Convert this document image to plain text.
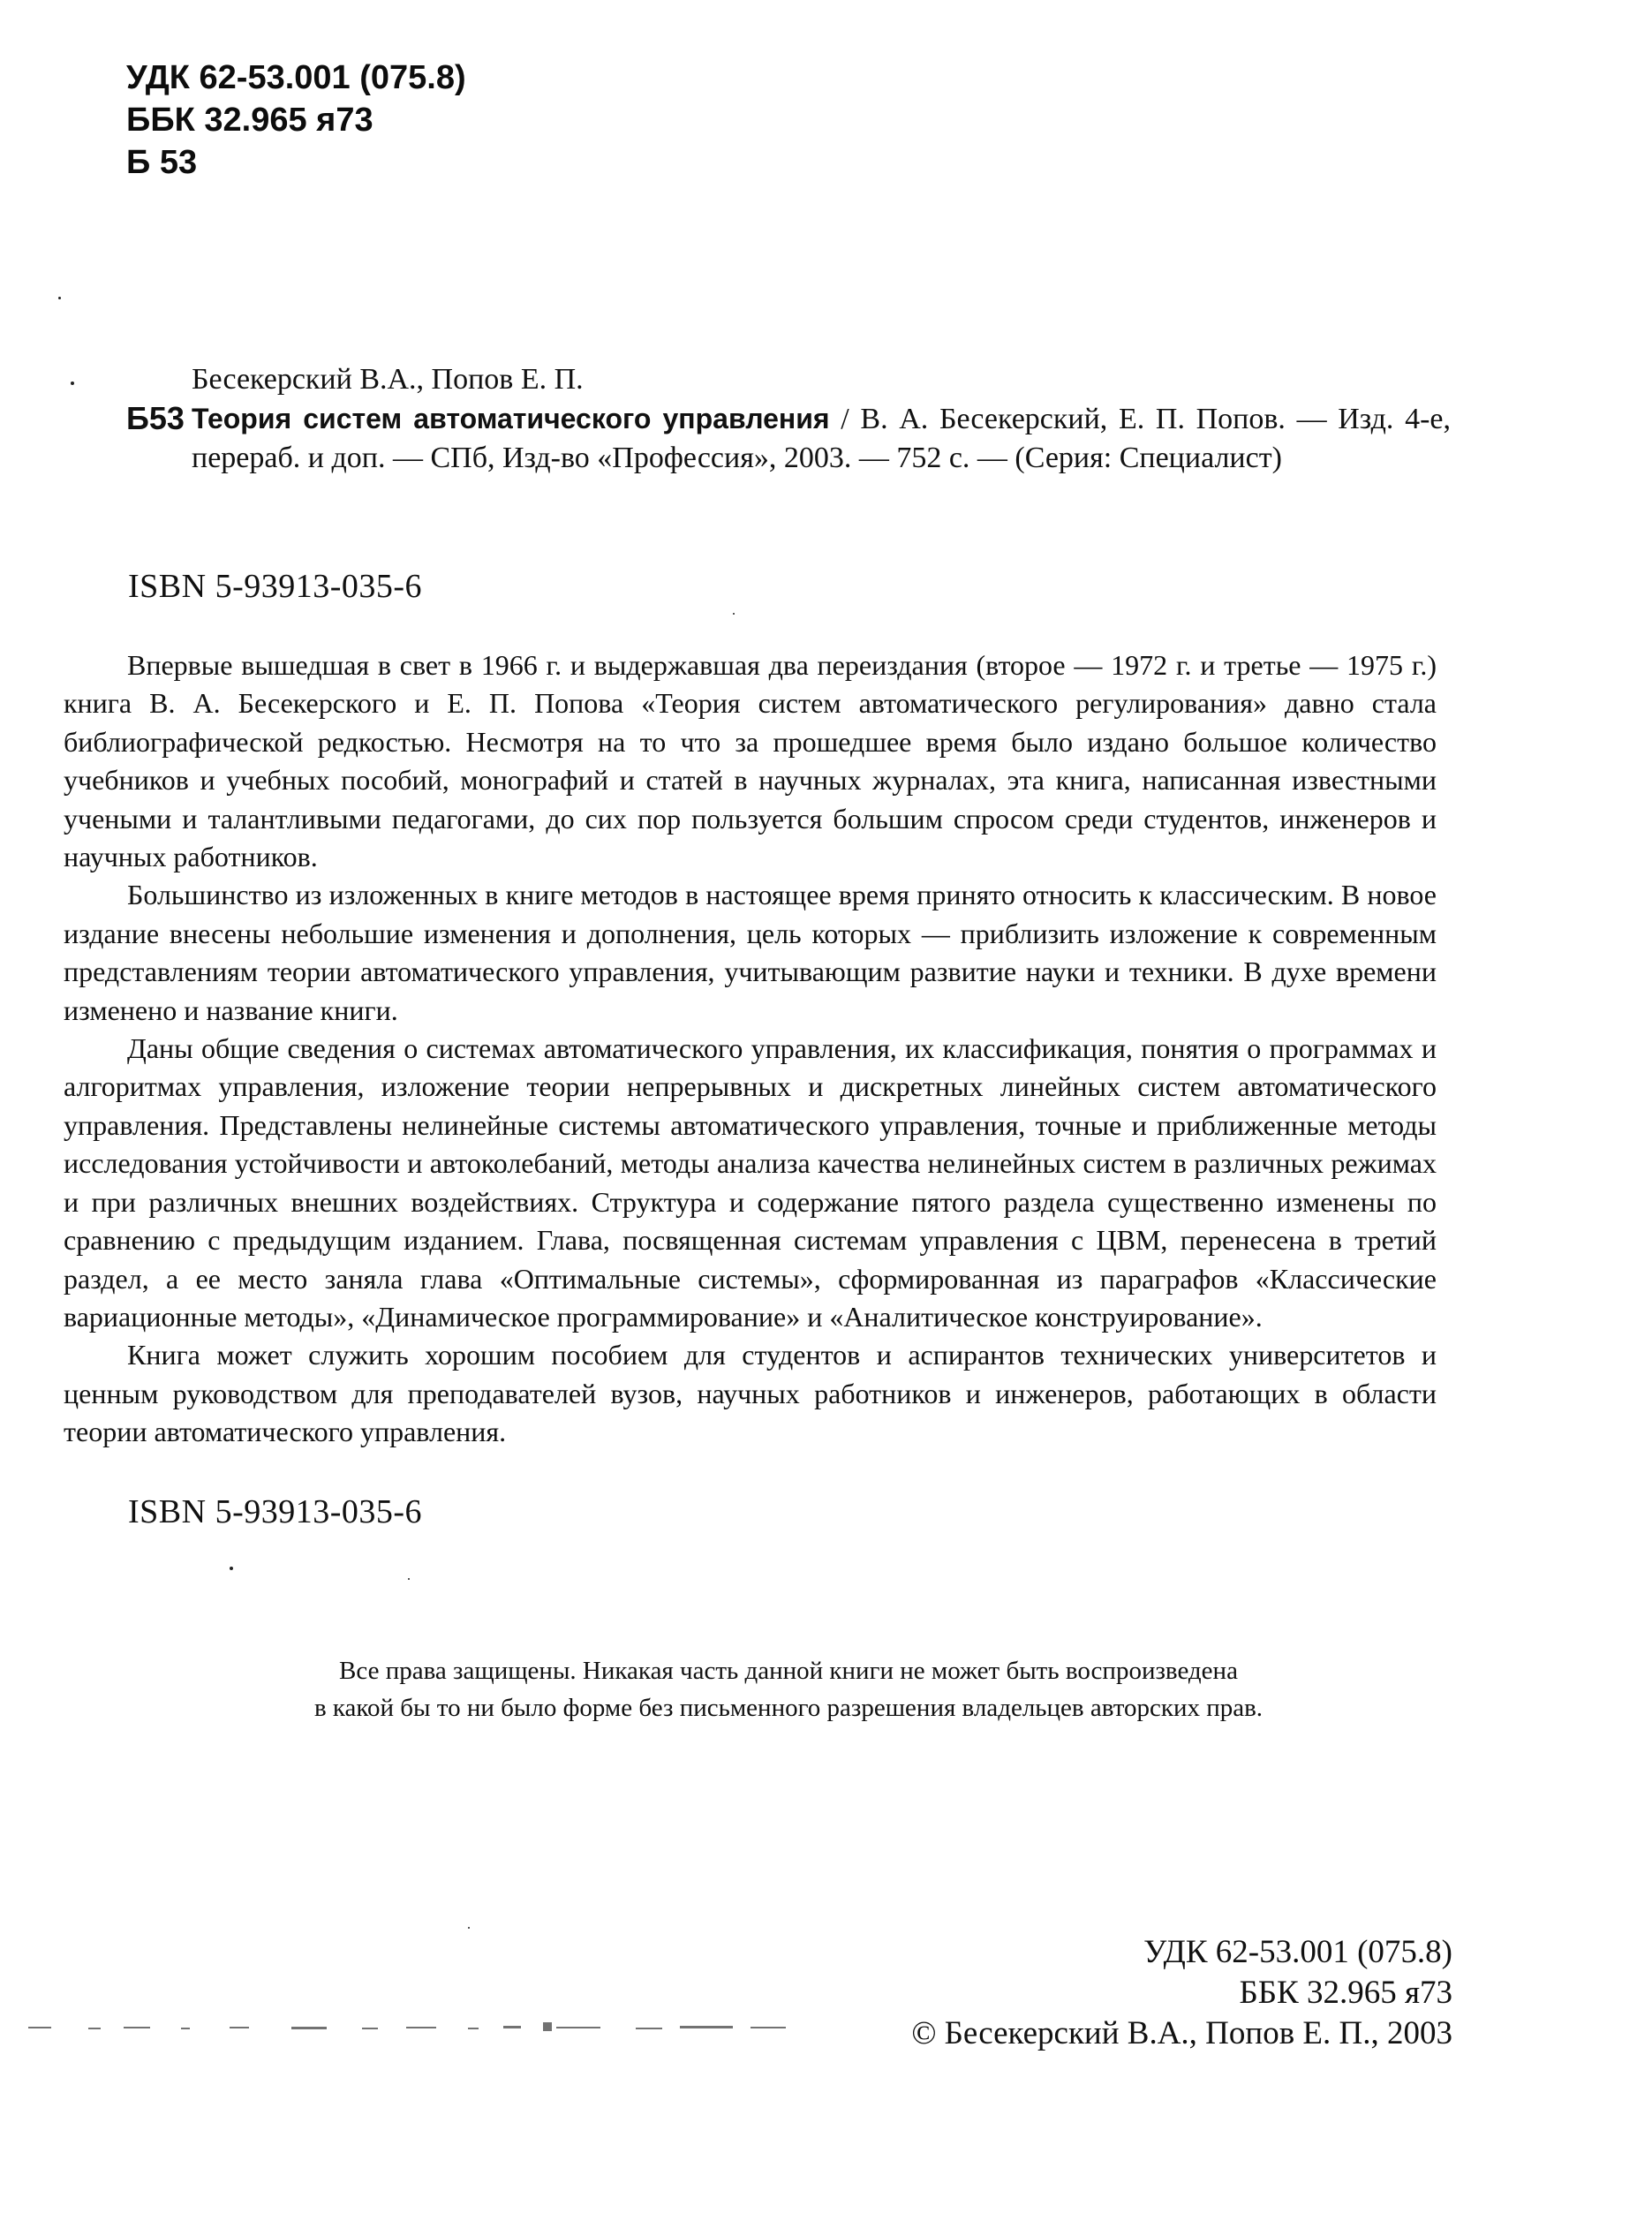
УДК 62-53.001 (075.8)
ББК 32.965 я73
Б 53
Бесекерский В.А., Попов Е. П.
Б53 Теория систем автоматического управления / В. А. Бесекерский, Е. П. Попов. — Изд. 4-е, перераб. и доп. — СПб, Изд-во «Профессия», 2003. — 752 с. — (Серия: Специалист)
ISBN 5-93913-035-6

Впервые вышедшая в свет в 1966 г. и выдержавшая два переиздания (второе — 1972 г. и третье — 1975 г.) книга В. А. Бесекерского и Е. П. Попова «Теория систем автоматического регулирования» давно стала библиографической редкостью. Несмотря на то что за прошедшее время было издано большое количество учебников и учебных пособий, монографий и статей в научных журналах, эта книга, написанная известными учеными и талантливыми педагогами, до сих пор пользуется большим спросом среди студентов, инженеров и научных работников.

Большинство из изложенных в книге методов в настоящее время принято относить к классическим. В новое издание внесены небольшие изменения и дополнения, цель которых — приблизить изложение к современным представлениям теории автоматического управления, учитывающим развитие науки и техники. В духе времени изменено и название книги.

Даны общие сведения о системах автоматического управления, их классификация, понятия о программах и алгоритмах управления, изложение теории непрерывных и дискретных линейных систем автоматического управления. Представлены нелинейные системы автоматического управления, точные и приближенные методы исследования устойчивости и автоколебаний, методы анализа качества нелинейных систем в различных режимах и при различных внешних воздействиях. Структура и содержание пятого раздела существенно изменены по сравнению с предыдущим изданием. Глава, посвященная системам управления с ЦВМ, перенесена в третий раздел, а ее место заняла глава «Оптимальные системы», сформированная из параграфов «Классические вариационные методы», «Динамическое программирование» и «Аналитическое конструирование».

Книга может служить хорошим пособием для студентов и аспирантов технических университетов и ценным руководством для преподавателей вузов, научных работников и инженеров, работающих в области теории автоматического управления.

ISBN 5-93913-035-6
Все права защищены. Никакая часть данной книги не может быть воспроизведена
в какой бы то ни было форме без письменного разрешения владельцев авторских прав.
УДК 62-53.001 (075.8)
ББК 32.965 я73
© Бесекерский В.А., Попов Е. П., 2003
